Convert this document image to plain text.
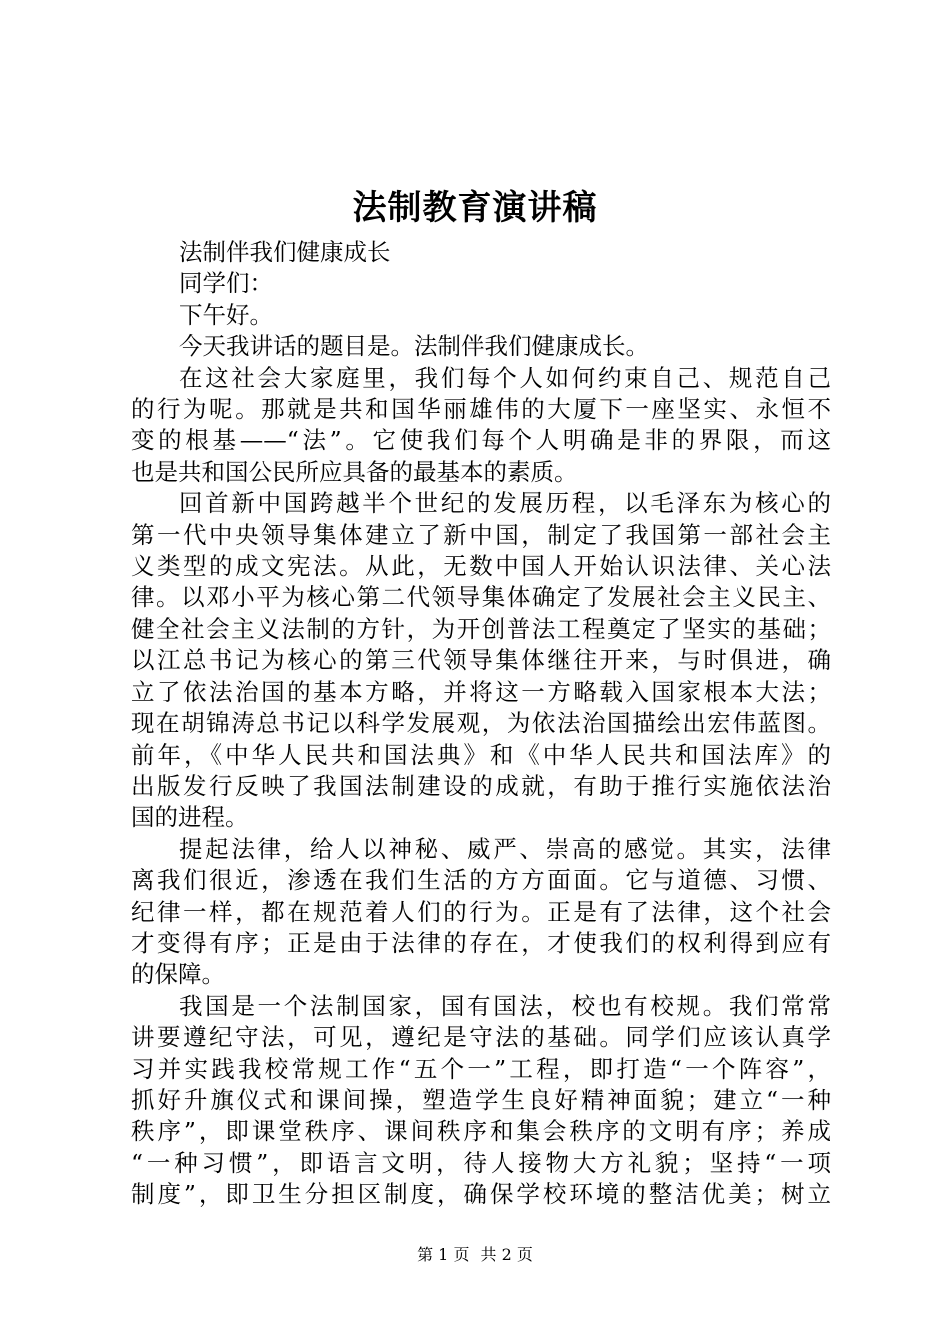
法制教育演讲稿
法制伴我们健康成长
同学们：
下午好。
今天我讲话的题目是。法制伴我们健康成长。
在这社会大家庭里，我们每个人如何约束自己、规范自己
的行为呢。那就是共和国华丽雄伟的大厦下一座坚实、永恒不
变的根基——“法”。它使我们每个人明确是非的界限，而这
也是共和国公民所应具备的最基本的素质。
回首新中国跨越半个世纪的发展历程，以毛泽东为核心的
第一代中央领导集体建立了新中国，制定了我国第一部社会主
义类型的成文宪法。从此，无数中国人开始认识法律、关心法
律。以邓小平为核心第二代领导集体确定了发展社会主义民主、
健全社会主义法制的方针，为开创普法工程奠定了坚实的基础；
以江总书记为核心的第三代领导集体继往开来，与时俱进，确
立了依法治国的基本方略，并将这一方略载入国家根本大法；
现在胡锦涛总书记以科学发展观，为依法治国描绘出宏伟蓝图。
前年，《中华人民共和国法典》和《中华人民共和国法库》的
出版发行反映了我国法制建设的成就，有助于推行实施依法治
国的进程。
提起法律，给人以神秘、威严、崇高的感觉。其实，法律
离我们很近，渗透在我们生活的方方面面。它与道德、习惯、
纪律一样，都在规范着人们的行为。正是有了法律，这个社会
才变得有序；正是由于法律的存在，才使我们的权利得到应有
的保障。
我国是一个法制国家，国有国法，校也有校规。我们常常
讲要遵纪守法，可见，遵纪是守法的基础。同学们应该认真学
习并实践我校常规工作“五个一”工程，即打造“一个阵容”，
抓好升旗仪式和课间操，塑造学生良好精神面貌；建立“一种
秩序”，即课堂秩序、课间秩序和集会秩序的文明有序；养成
“一种习惯”，即语言文明，待人接物大方礼貌；坚持“一项
制度”，即卫生分担区制度，确保学校环境的整洁优美；树立
第 1 页 共 2 页
